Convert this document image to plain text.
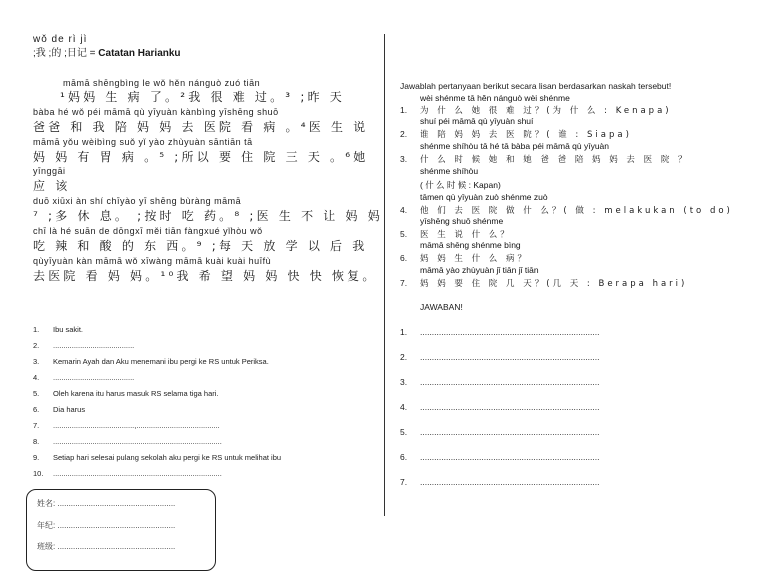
wǒ de rì jì
;我 ;的 ;日记 = Catatan Harianku
māmā shēngbìng le wǒ hěn nánguò zuó tiān
¹妈妈 生 病 了。²我 很 难 过。³ ;昨 天
bàba hé wǒ péi māmā qù yīyuàn kànbìng yīshēng shuō
爸爸 和 我 陪 妈 妈 去 医院 看 病 。⁴医 生 说
māmā yǒu wèibìng suǒ yǐ yào zhùyuàn sāntiān tā
妈 妈 有 胃 病 。⁵ ;所以 要 住 院 三 天 。⁶她
yīnggāi
应 该
duō xiūxi àn shí chīyào yī shēng bùràng māmā
⁷ ;多 休 息。 ;按时 吃 药。⁸ ;医 生 不 让 妈 妈
chī là hé suān de dōngxī měi tiān fàngxué yǐhòu wǒ
吃 辣 和 酸 的 东 西。⁹ ;每 天 放 学 以 后 我
qùyīyuàn kàn māmā wǒ xīwàng māmā kuài kuài huīfù
去医院 看 妈 妈。¹⁰我 希 望 妈 妈 快 快 恢复。
1. Ibu sakit.
2. .......................................
3. Kemarin Ayah dan Aku menemani ibu pergi ke RS untuk Periksa.
4. .......................................
5. Oleh karena itu harus masuk RS selama tiga hari.
6. Dia harus
7. .......................................,........................................
8. .................................................................................
9. Setiap hari selesai pulang sekolah aku pergi ke RS untuk melihat ibu
10. .................................................................................
姓名: .....................................................
年纪: .....................................................
班级: .....................................................
Jawablah pertanyaan berikut secara lisan berdasarkan naskah tersebut!
wèi shénme tā hěn nánguò wèi shénme
1. 为 什 么 她 很 难 过？(为 什 么 : Kenapa)
shuí péi māmā qù yīyuàn shuí
2. 谁 陪 妈 妈 去 医 院？( 谁 : Siapa)
shénme shíhòu tā hé tā bàba péi māmā qù yīyuàn
3. 什 么 时 候 她 和 她 爸 爸 陪 妈 妈 去 医 院 ？
shénme shíhòu
( 什 么 时 候 : Kapan)
tāmen qù yīyuàn zuò shénme zuò
4. 他 们 去 医 院 做 什 么？( 做 : melakukan (to do)
yīshēng shuō shénme
5. 医 生 说 什 么？
māmā shēng shénme bìng
6. 妈 妈 生 什 么 病？
māmā yào zhùyuàn jǐ tiān jǐ tiān
7. 妈 妈 要 住 院 几 天？(几 天 : Berapa hari)
JAWABAN!
1. ............................................................................
2. ............................................................................
3. ............................................................................
4. ............................................................................
5. ............................................................................
6. ............................................................................
7. ............................................................................
